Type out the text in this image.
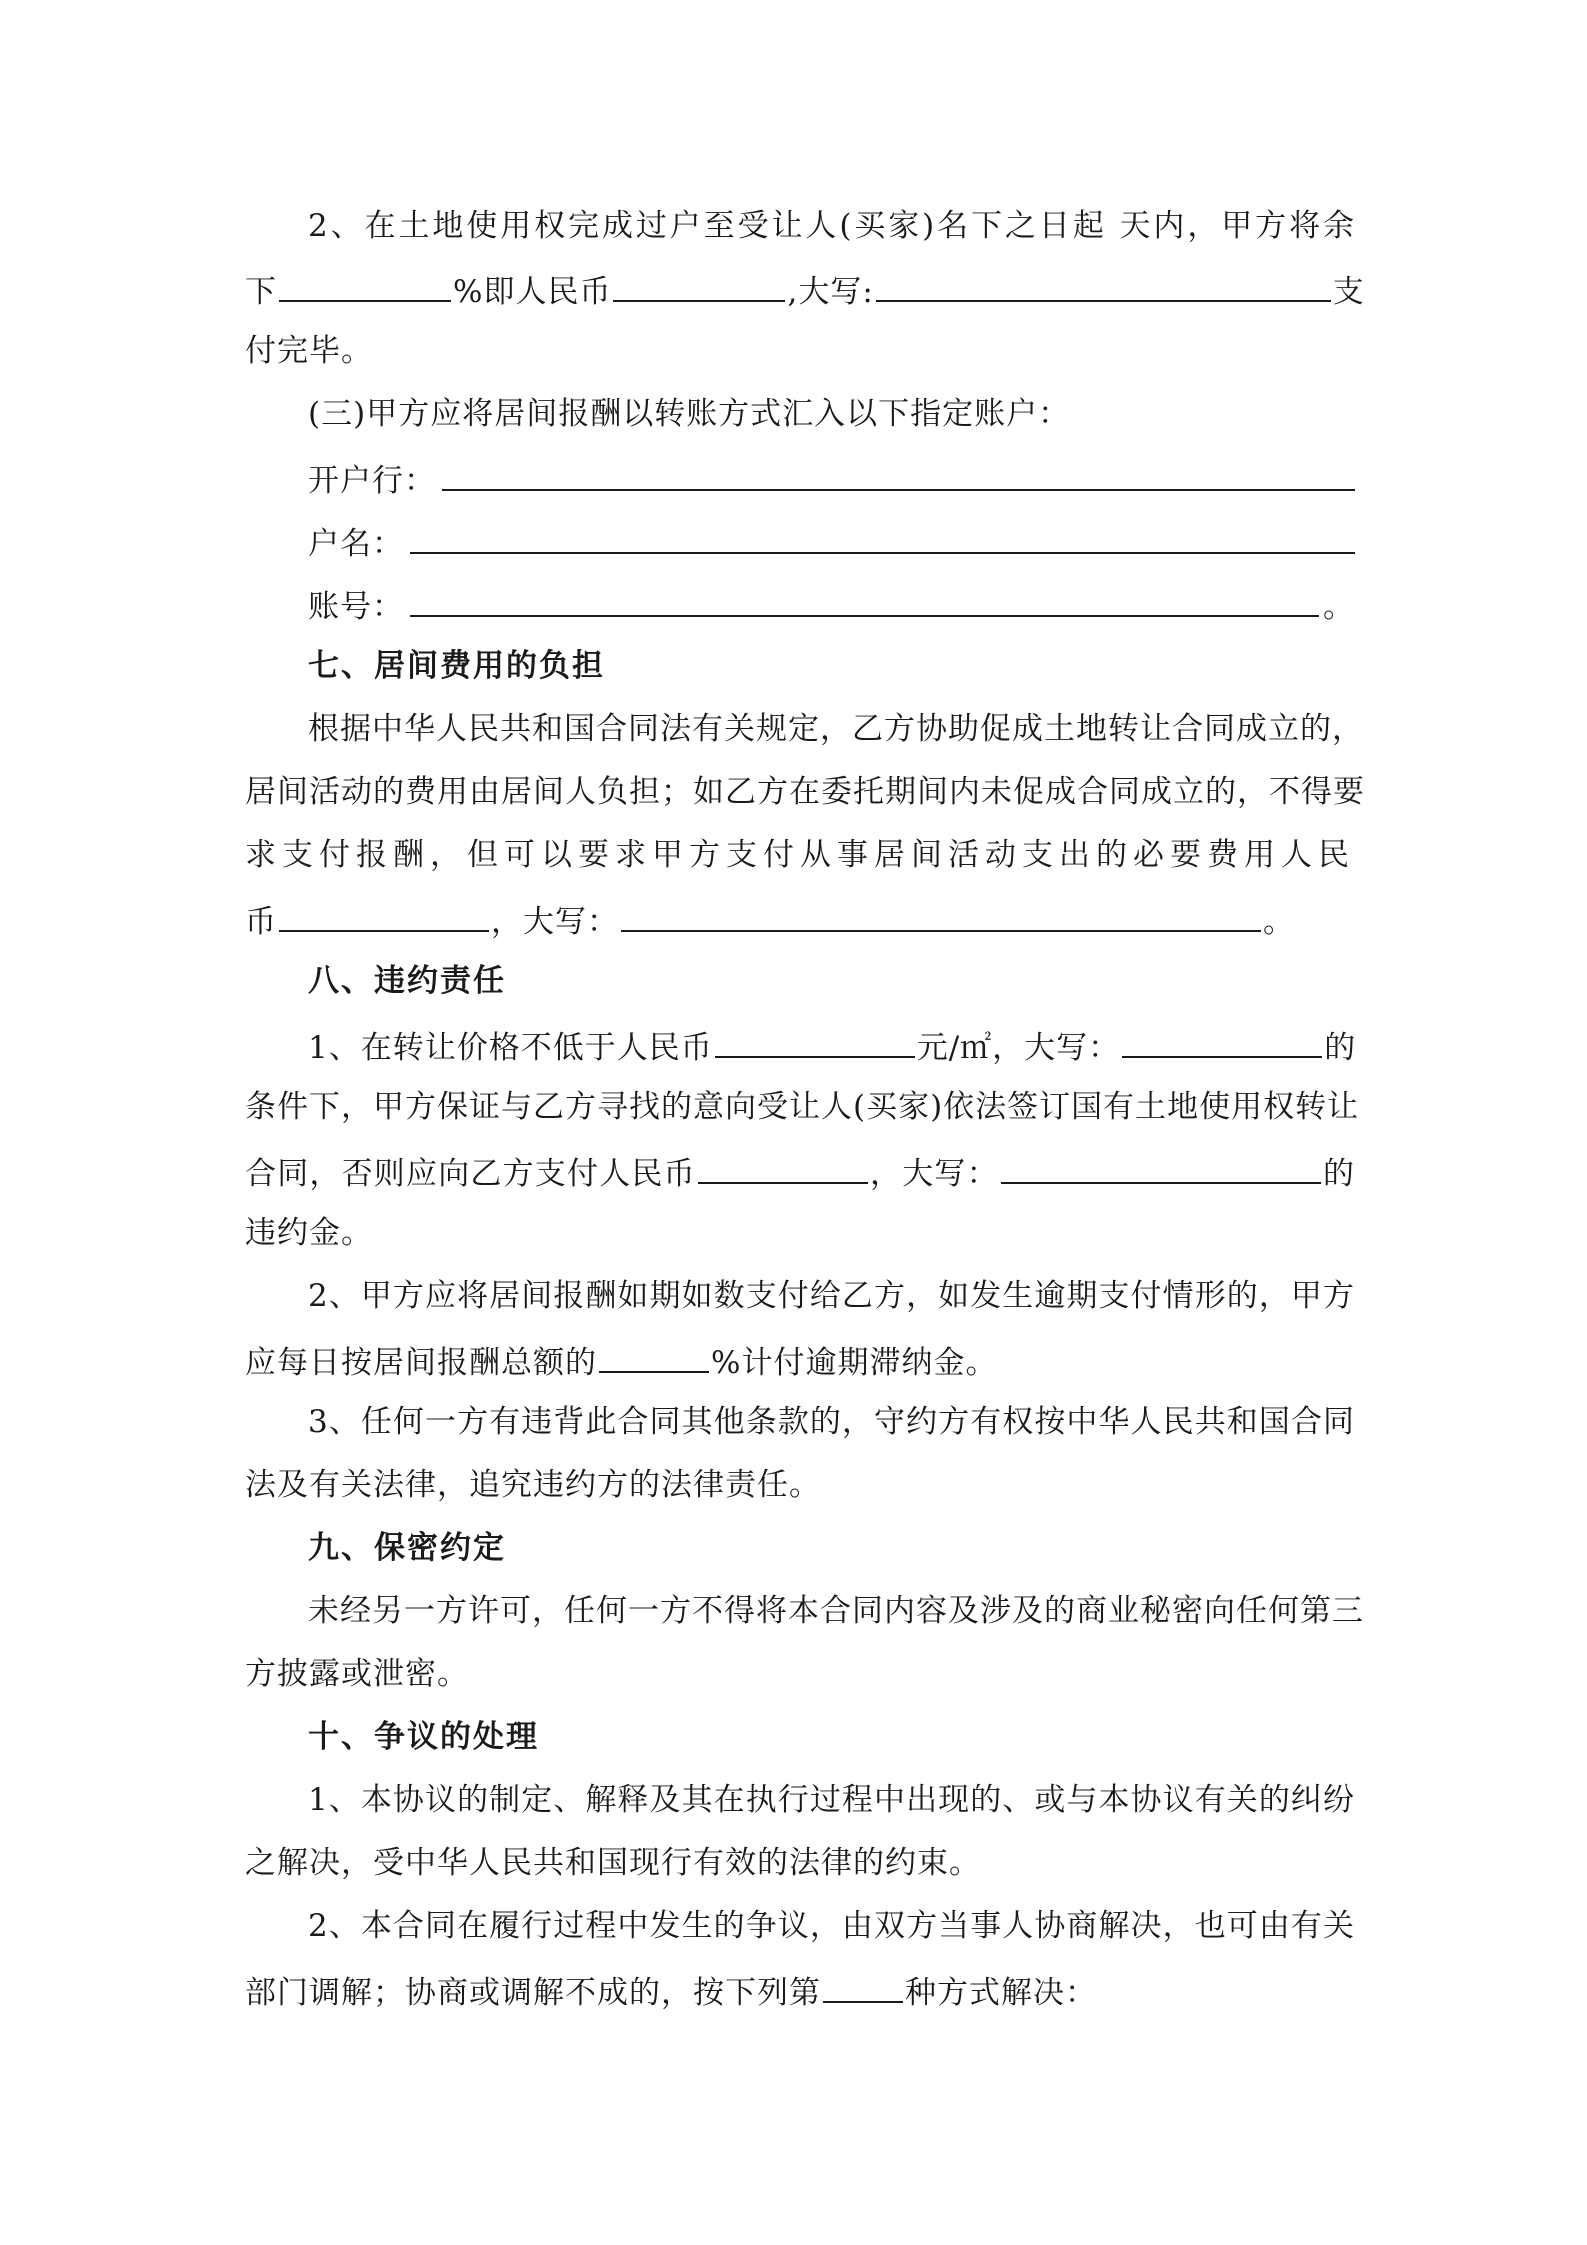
2、在土地使用权完成过户至受让人(买家)名下之日起 天内，甲方将余
下	%即人民币	,大写:	支
付完毕。
(三)甲方应将居间报酬以转账方式汇入以下指定账户：
开户行：
户名：
账号：	。
七、居间费用的负担
根据中华人民共和国合同法有关规定，乙方协助促成土地转让合同成立的，
居间活动的费用由居间人负担；如乙方在委托期间内未促成合同成立的，不得要
求支付报酬，但可以要求甲方支付从事居间活动支出的必要费用人民
币	，大写：	。
八、违约责任
1、在转让价格不低于人民币	元/㎡，大写：	的
条件下，甲方保证与乙方寻找的意向受让人(买家)依法签订国有土地使用权转让
合同，否则应向乙方支付人民币	，大写：	的
违约金。
2、甲方应将居间报酬如期如数支付给乙方，如发生逾期支付情形的，甲方
应每日按居间报酬总额的	%计付逾期滞纳金。
3、任何一方有违背此合同其他条款的，守约方有权按中华人民共和国合同
法及有关法律，追究违约方的法律责任。
九、保密约定
未经另一方许可，任何一方不得将本合同内容及涉及的商业秘密向任何第三
方披露或泄密。
十、争议的处理
1、本协议的制定、解释及其在执行过程中出现的、或与本协议有关的纠纷
之解决，受中华人民共和国现行有效的法律的约束。
2、本合同在履行过程中发生的争议，由双方当事人协商解决，也可由有关
部门调解；协商或调解不成的，按下列第	种方式解决：
